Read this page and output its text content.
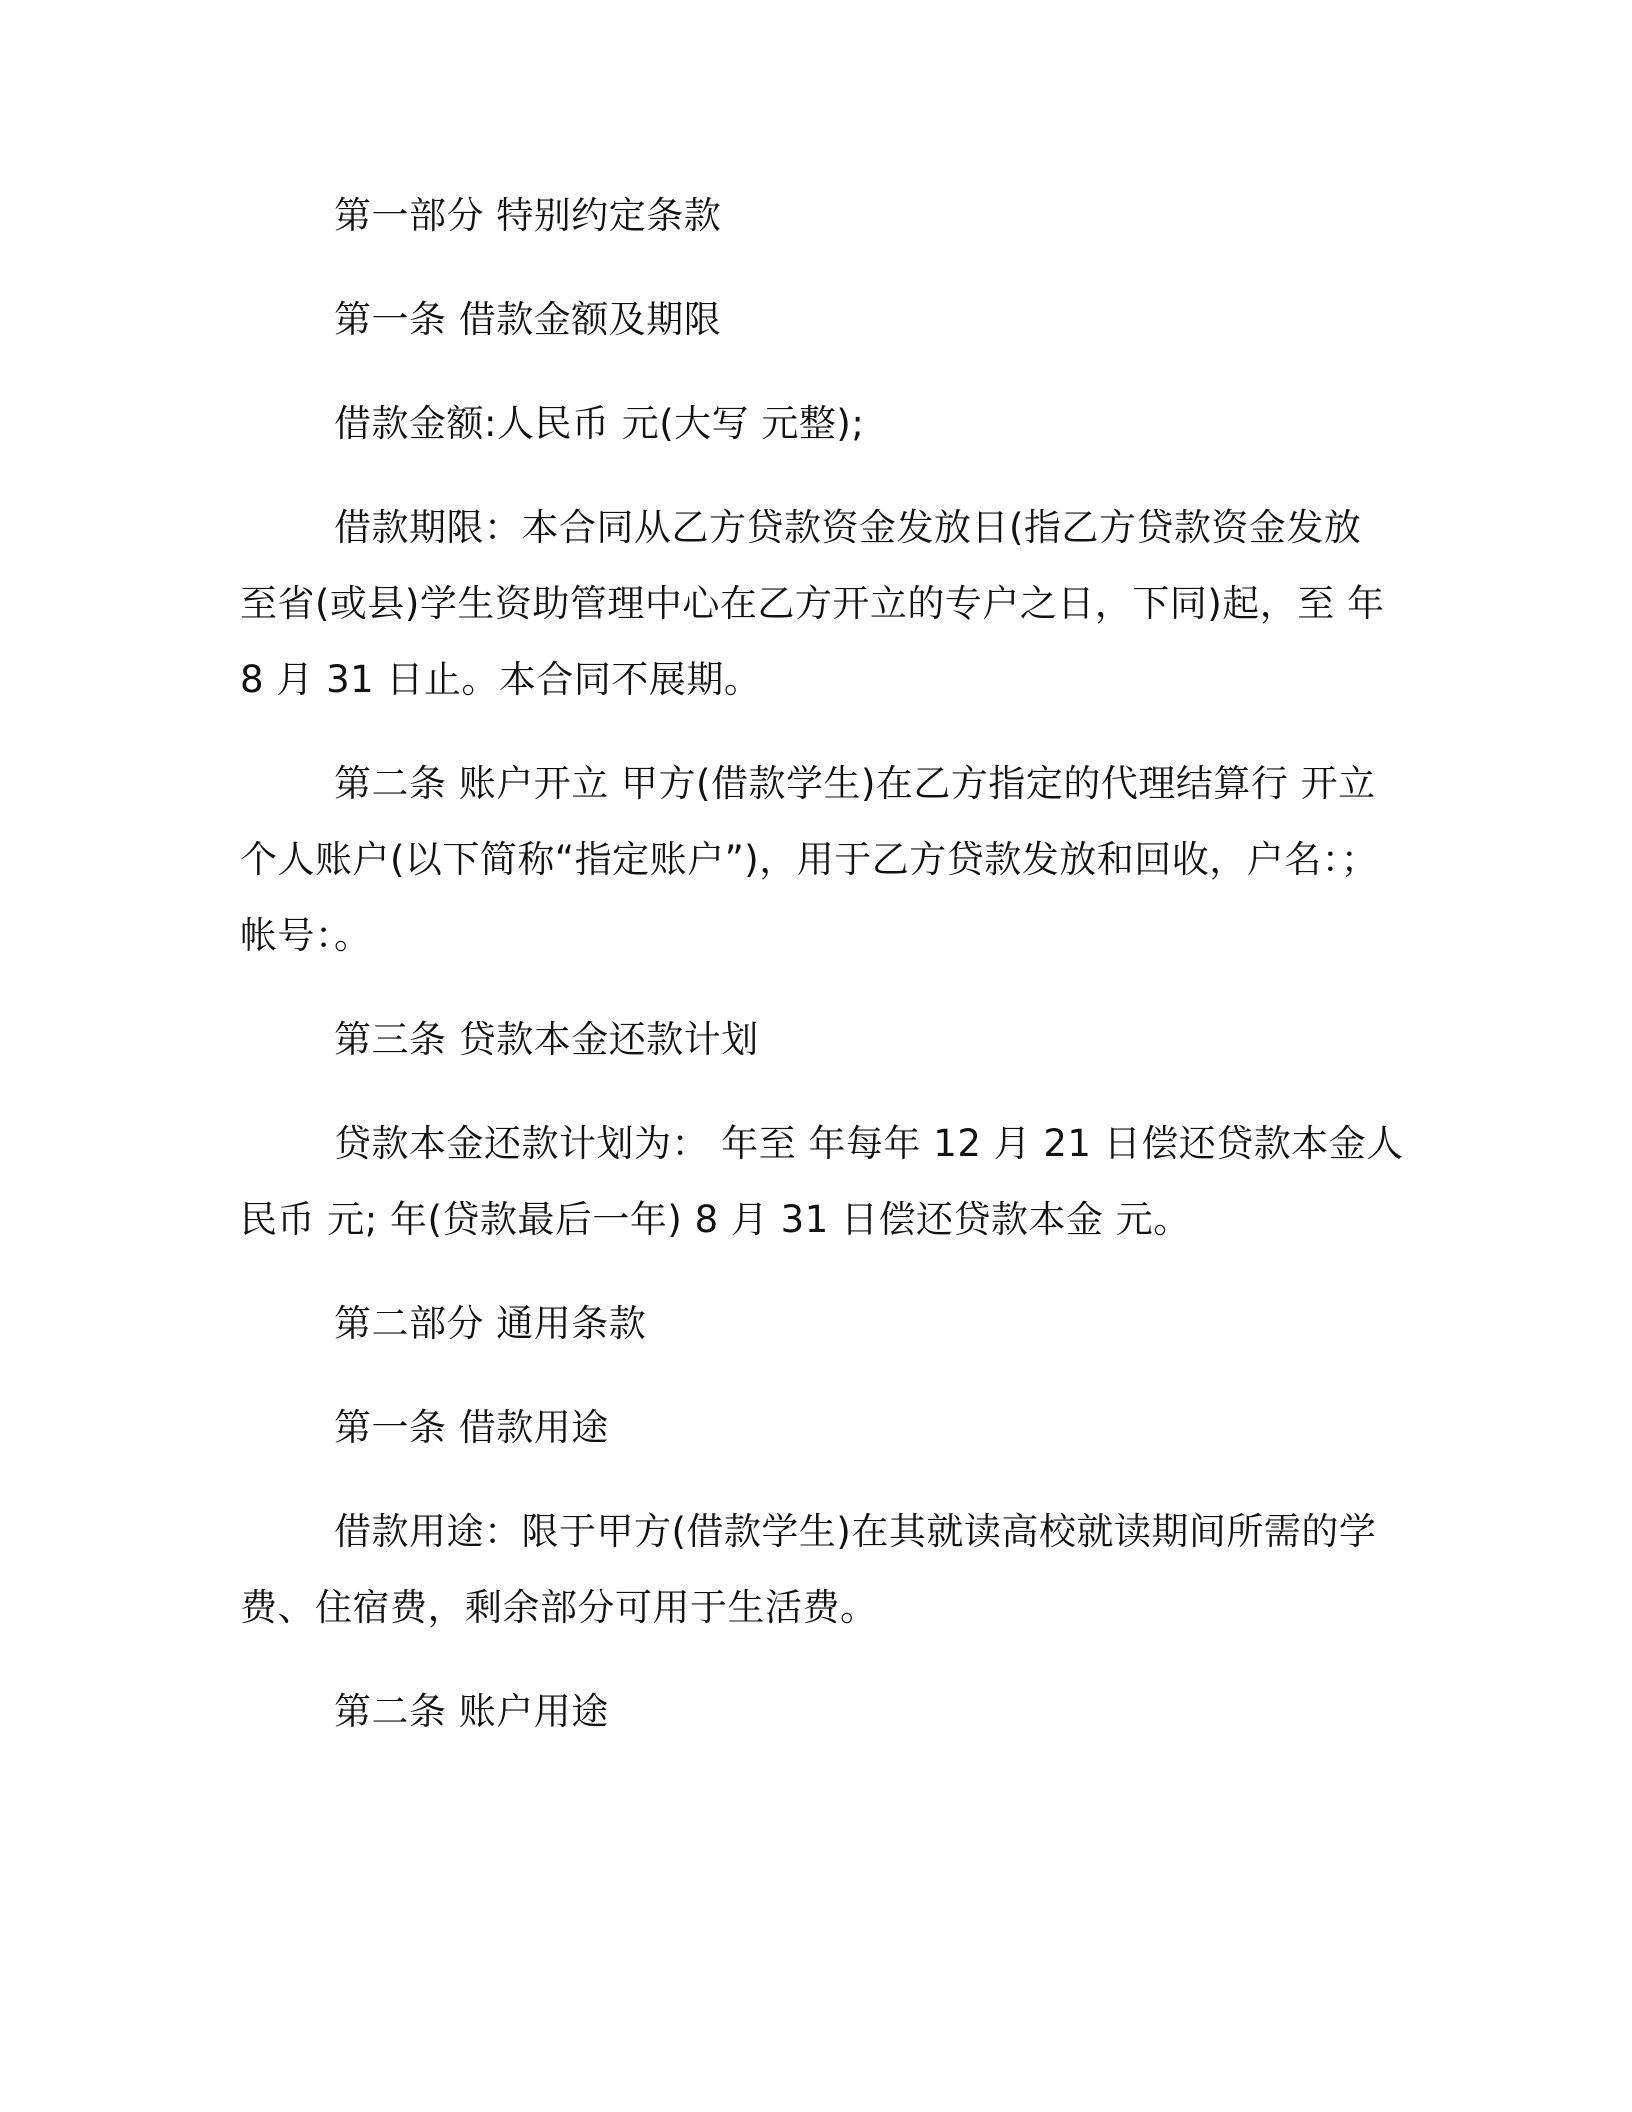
第一部分 特别约定条款
第一条 借款金额及期限
借款金额:人民币 元(大写 元整);
借款期限：本合同从乙方贷款资金发放日(指乙方贷款资金发放
至省(或县)学生资助管理中心在乙方开立的专户之日，下同)起，至 年
8 月 31 日止。本合同不展期。
第二条 账户开立 甲方(借款学生)在乙方指定的代理结算行 开立
个人账户(以下简称“指定账户”)，用于乙方贷款发放和回收，户名：；
帐号：。
第三条 贷款本金还款计划
贷款本金还款计划为： 年至 年每年 12 月 21 日偿还贷款本金人
民币 元; 年(贷款最后一年) 8 月 31 日偿还贷款本金 元。
第二部分 通用条款
第一条 借款用途
借款用途：限于甲方(借款学生)在其就读高校就读期间所需的学
费、住宿费，剩余部分可用于生活费。
第二条 账户用途
